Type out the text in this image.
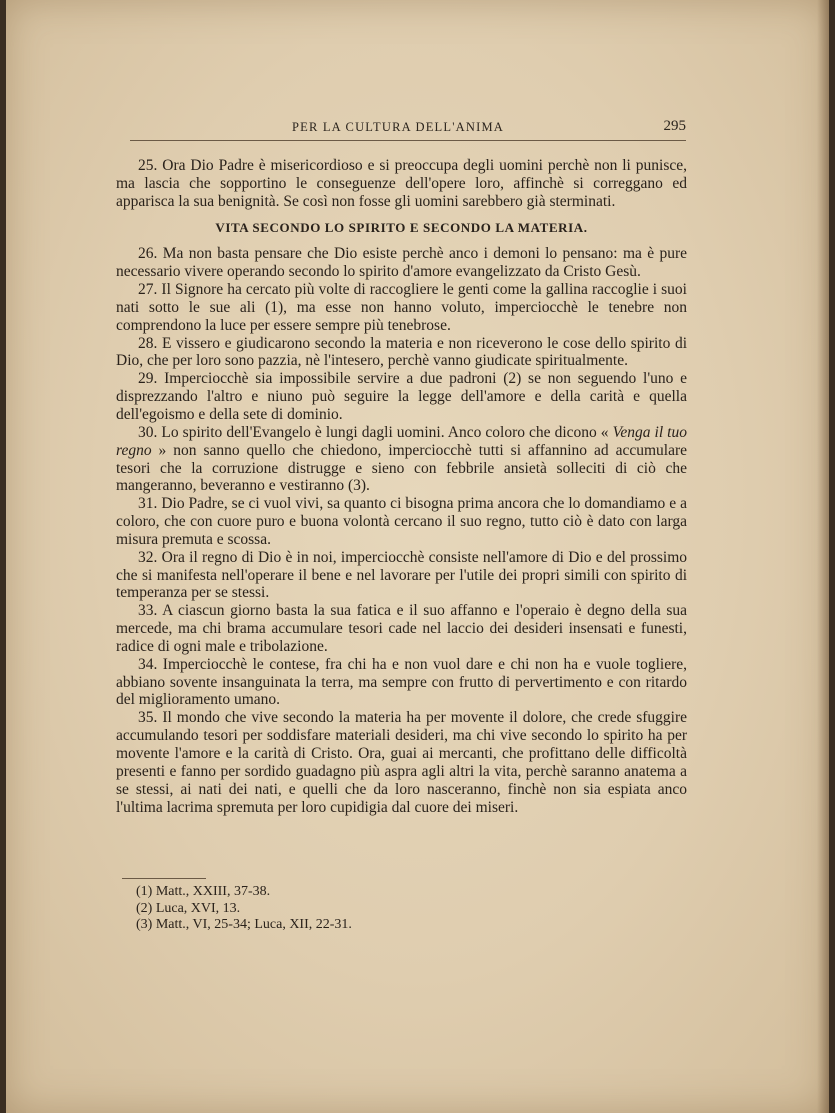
PER LA CULTURA DELL'ANIMA	295

25. Ora Dio Padre è misericordioso e si preoccupa degli uomini perchè non li punisce, ma lascia che sopportino le conseguenze dell'opere loro, affinchè si correggano ed apparisca la sua benignità. Se così non fosse gli uomini sarebbero già sterminati.

VITA SECONDO LO SPIRITO E SECONDO LA MATERIA.

26. Ma non basta pensare che Dio esiste perchè anco i demoni lo pensano: ma è pure necessario vivere operando secondo lo spirito d'amore evangelizzato da Cristo Gesù.

27. Il Signore ha cercato più volte di raccogliere le genti come la gallina raccoglie i suoi nati sotto le sue ali (1), ma esse non hanno voluto, imperciocchè le tenebre non comprendono la luce per essere sempre più tenebrose.

28. E vissero e giudicarono secondo la materia e non riceverono le cose dello spirito di Dio, che per loro sono pazzia, nè l'intesero, perchè vanno giudicate spiritualmente.

29. Imperciocchè sia impossibile servire a due padroni (2) se non seguendo l'uno e disprezzando l'altro e niuno può seguire la legge dell'amore e della carità e quella dell'egoismo e della sete di dominio.

30. Lo spirito dell'Evangelo è lungi dagli uomini. Anco coloro che dicono « Venga il tuo regno » non sanno quello che chiedono, imperciocchè tutti si affannino ad accumulare tesori che la corruzione distrugge e sieno con febbrile ansietà solleciti di ciò che mangeranno, beveranno e vestiranno (3).

31. Dio Padre, se ci vuol vivi, sa quanto ci bisogna prima ancora che lo domandiamo e a coloro, che con cuore puro e buona volontà cercano il suo regno, tutto ciò è dato con larga misura premuta e scossa.

32. Ora il regno di Dio è in noi, imperciocchè consiste nell'amore di Dio e del prossimo che si manifesta nell'operare il bene e nel lavorare per l'utile dei propri simili con spirito di temperanza per se stessi.

33. A ciascun giorno basta la sua fatica e il suo affanno e l'operaio è degno della sua mercede, ma chi brama accumulare tesori cade nel laccio dei desideri insensati e funesti, radice di ogni male e tribolazione.

34. Imperciocchè le contese, fra chi ha e non vuol dare e chi non ha e vuole togliere, abbiano sovente insanguinata la terra, ma sempre con frutto di pervertimento e con ritardo del miglioramento umano.

35. Il mondo che vive secondo la materia ha per movente il dolore, che crede sfuggire accumulando tesori per soddisfare materiali desideri, ma chi vive secondo lo spirito ha per movente l'amore e la carità di Cristo. Ora, guai ai mercanti, che profittano delle difficoltà presenti e fanno per sordido guadagno più aspra agli altri la vita, perchè saranno anatema a se stessi, ai nati dei nati, e quelli che da loro nasceranno, finchè non sia espiata anco l'ultima lacrima spremuta per loro cupidigia dal cuore dei miseri.

(1) Matt., XXIII, 37-38.

(2) Luca, XVI, 13.

(3) Matt., VI, 25-34; Luca, XII, 22-31.
